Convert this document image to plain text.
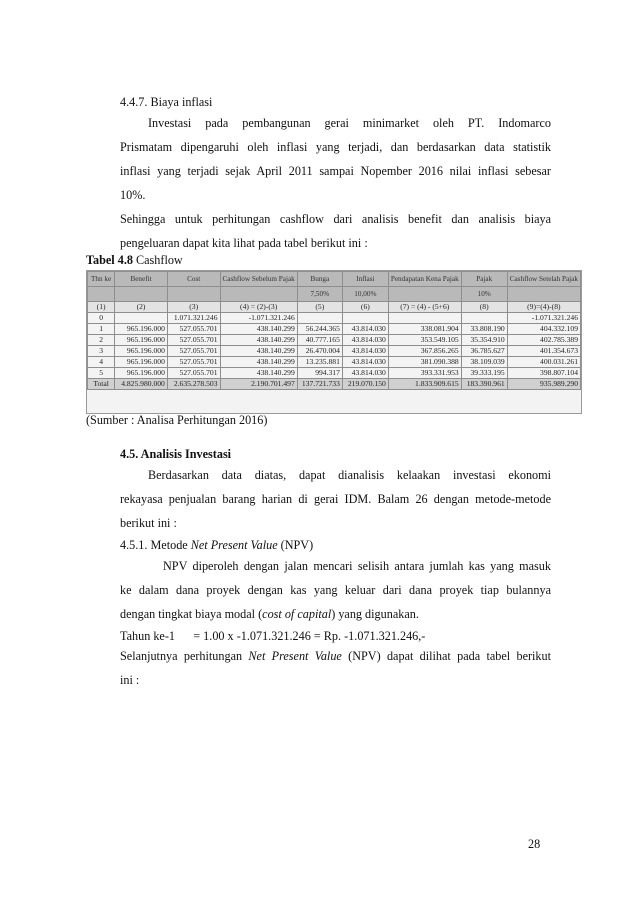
4.4.7. Biaya inflasi
Investasi pada pembangunan gerai minimarket oleh PT. Indomarco
Prismatam dipengaruhi oleh inflasi yang terjadi, dan berdasarkan data statistik
inflasi yang terjadi sejak April 2011 sampai Nopember 2016 nilai inflasi sebesar
10%.
Sehingga untuk perhitungan cashflow dari analisis benefit dan analisis biaya
pengeluaran dapat kita lihat pada tabel berikut ini :
Tabel 4.8 Cashflow
Thn ke	Benefit	Cost	Cashflow Sebelum Pajak	Bunga	Inflasi	Pendapatan Kena Pajak	Pajak	Cashflow Setelah Pajak
				7,50%	10,00%		10%	
(1)	(2)	(3)	(4) = (2)-(3)	(5)	(6)	(7) = (4) - (5+6)	(8)	(9)=(4)-(8)
0		1.071.321.246	-1.071.321.246					-1.071.321.246
1	965.196.000	527.055.701	438.140.299	56.244.365	43.814.030	338.081.904	33.808.190	404.332.109
2	965.196.000	527.055.701	438.140.299	40.777.165	43.814.030	353.549.105	35.354.910	402.785.389
3	965.196.000	527.055.701	438.140.299	26.470.004	43.814.030	367.856.265	36.785.627	401.354.673
4	965.196.000	527.055.701	438.140.299	13.235.881	43.814.030	381.090.388	38.109.039	400.031.261
5	965.196.000	527.055.701	438.140.299	994.317	43.814.030	393.331.953	39.333.195	398.807.104
Total	4.825.980.000	2.635.278.503	2.190.701.497	137.721.733	219.070.150	1.833.909.615	183.390.961	935.989.290
(Sumber : Analisa Perhitungan 2016)
4.5. Analisis Investasi
Berdasarkan data diatas, dapat dianalisis kelaakan investasi ekonomi
rekayasa penjualan barang harian di gerai IDM. Balam 26 dengan metode-metode
berikut ini :
4.5.1. Metode Net Present Value (NPV)
NPV diperoleh dengan jalan mencari selisih antara jumlah kas yang masuk
ke dalam dana proyek dengan kas yang keluar dari dana proyek tiap bulannya
dengan tingkat biaya modal (cost of capital) yang digunakan.
Tahun ke-1      = 1.00 x -1.071.321.246 = Rp. -1.071.321.246,-
Selanjutnya perhitungan Net Present Value (NPV) dapat dilihat pada tabel berikut
ini :
28
